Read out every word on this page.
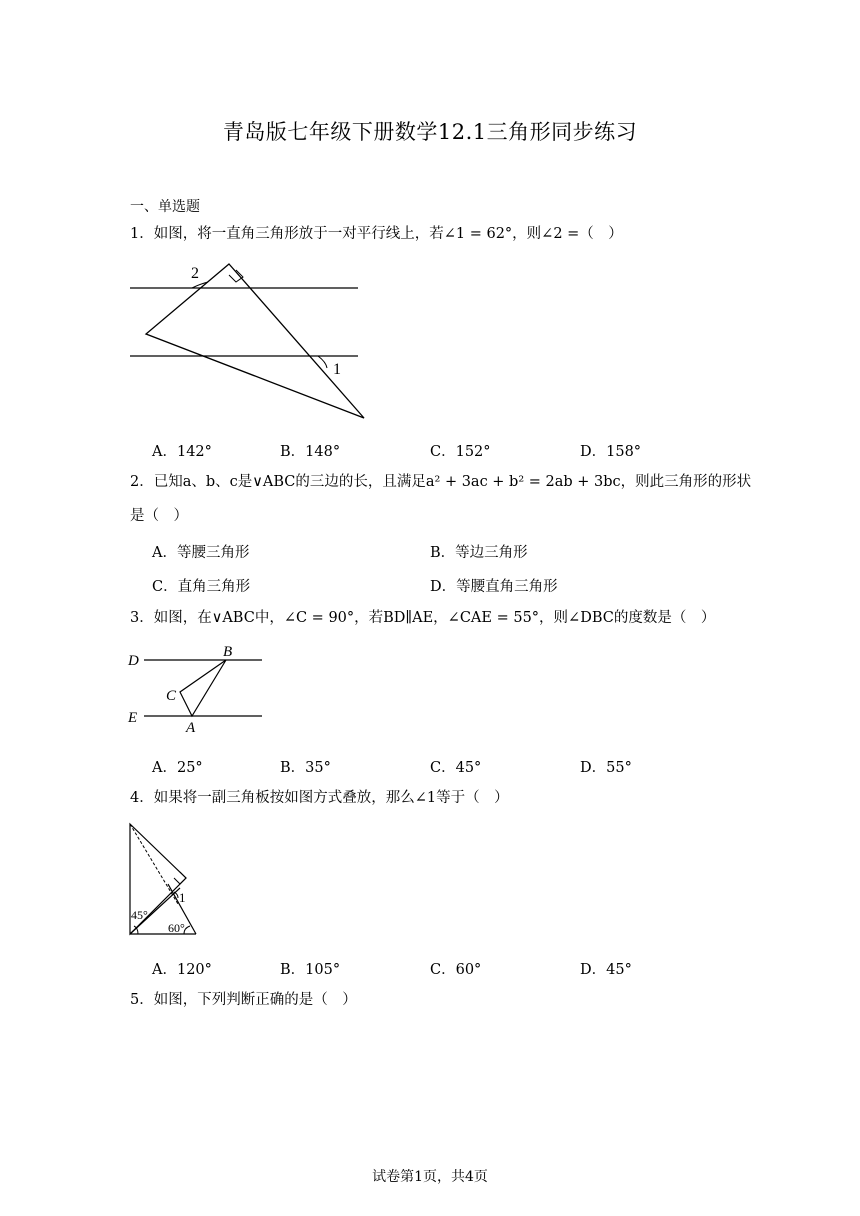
青岛版七年级下册数学12.1三角形同步练习
一、单选题
1．如图，将一直角三角形放于一对平行线上，若∠1 = 62°，则∠2 =（　）
2
1
A．142°	B．148°	C．152°	D．158°
2．已知a、b、c是∨ABC的三边的长，且满足a² + 3ac + b² = 2ab + 3bc，则此三角形的形状
是（　）
A．等腰三角形	B．等边三角形
C．直角三角形	D．等腰直角三角形
3．如图，在∨ABC中，∠C = 90°，若BD∥AE，∠CAE = 55°，则∠DBC的度数是（　）
D
B
C
E
A
A．25°	B．35°	C．45°	D．55°
4．如果将一副三角板按如图方式叠放，那么∠1等于（　）
1
45°
60°
A．120°	B．105°	C．60°	D．45°
5．如图，下列判断正确的是（　）
试卷第1页，共4页
